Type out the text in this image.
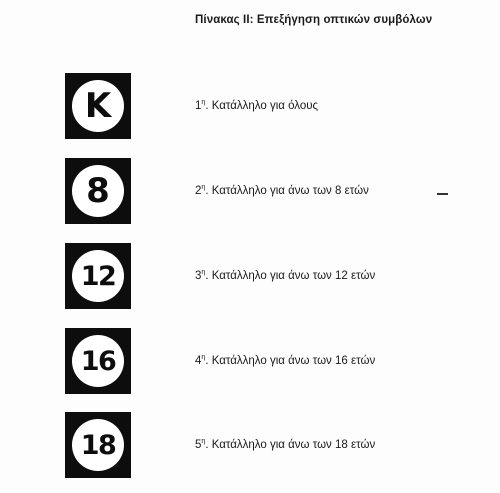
Πίνακας ΙΙ: Επεξήγηση οπτικών συμβόλων
K	$1^\eta$. Κατάλληλο για όλους
8	$2^\eta$. Κατάλληλο για άνω των 8 ετών
12	$3^\eta$. Κατάλληλο για άνω των 12 ετών
16	$4^\eta$. Κατάλληλο για άνω των 16 ετών
18	$5^\eta$. Κατάλληλο για άνω των 18 ετών
